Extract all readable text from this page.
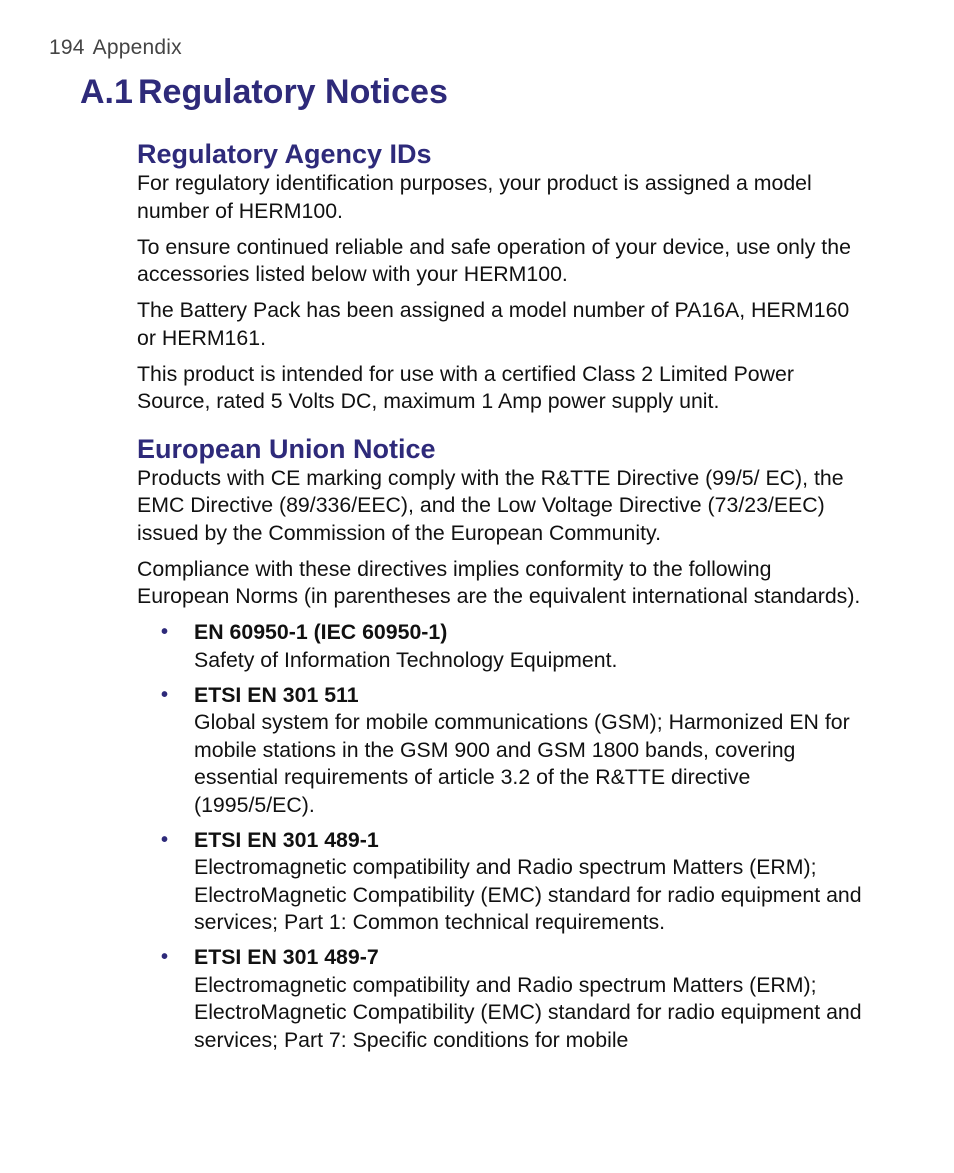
194 Appendix
A.1 Regulatory Notices
Regulatory Agency IDs

For regulatory identification purposes, your product is assigned a model number of HERM100.

To ensure continued reliable and safe operation of your device, use only the accessories listed below with your HERM100.

The Battery Pack has been assigned a model number of PA16A, HERM160 or HERM161.

This product is intended for use with a certified Class 2 Limited Power Source, rated 5 Volts DC, maximum 1 Amp power supply unit.

European Union Notice

Products with CE marking comply with the R&TTE Directive (99/5/ EC), the EMC Directive (89/336/EEC), and the Low Voltage Directive (73/23/EEC) issued by the Commission of the European Community.

Compliance with these directives implies conformity to the following European Norms (in parentheses are the equivalent international standards).

• EN 60950-1 (IEC 60950-1)
Safety of Information Technology Equipment.
• ETSI EN 301 511
Global system for mobile communications (GSM); Harmonized EN for mobile stations in the GSM 900 and GSM 1800 bands, covering essential requirements of article 3.2 of the R&TTE directive (1995/5/EC).
• ETSI EN 301 489-1
Electromagnetic compatibility and Radio spectrum Matters (ERM); ElectroMagnetic Compatibility (EMC) standard for radio equipment and services; Part 1: Common technical requirements.
• ETSI EN 301 489-7
Electromagnetic compatibility and Radio spectrum Matters (ERM); ElectroMagnetic Compatibility (EMC) standard for radio equipment and services; Part 7: Specific conditions for mobile
